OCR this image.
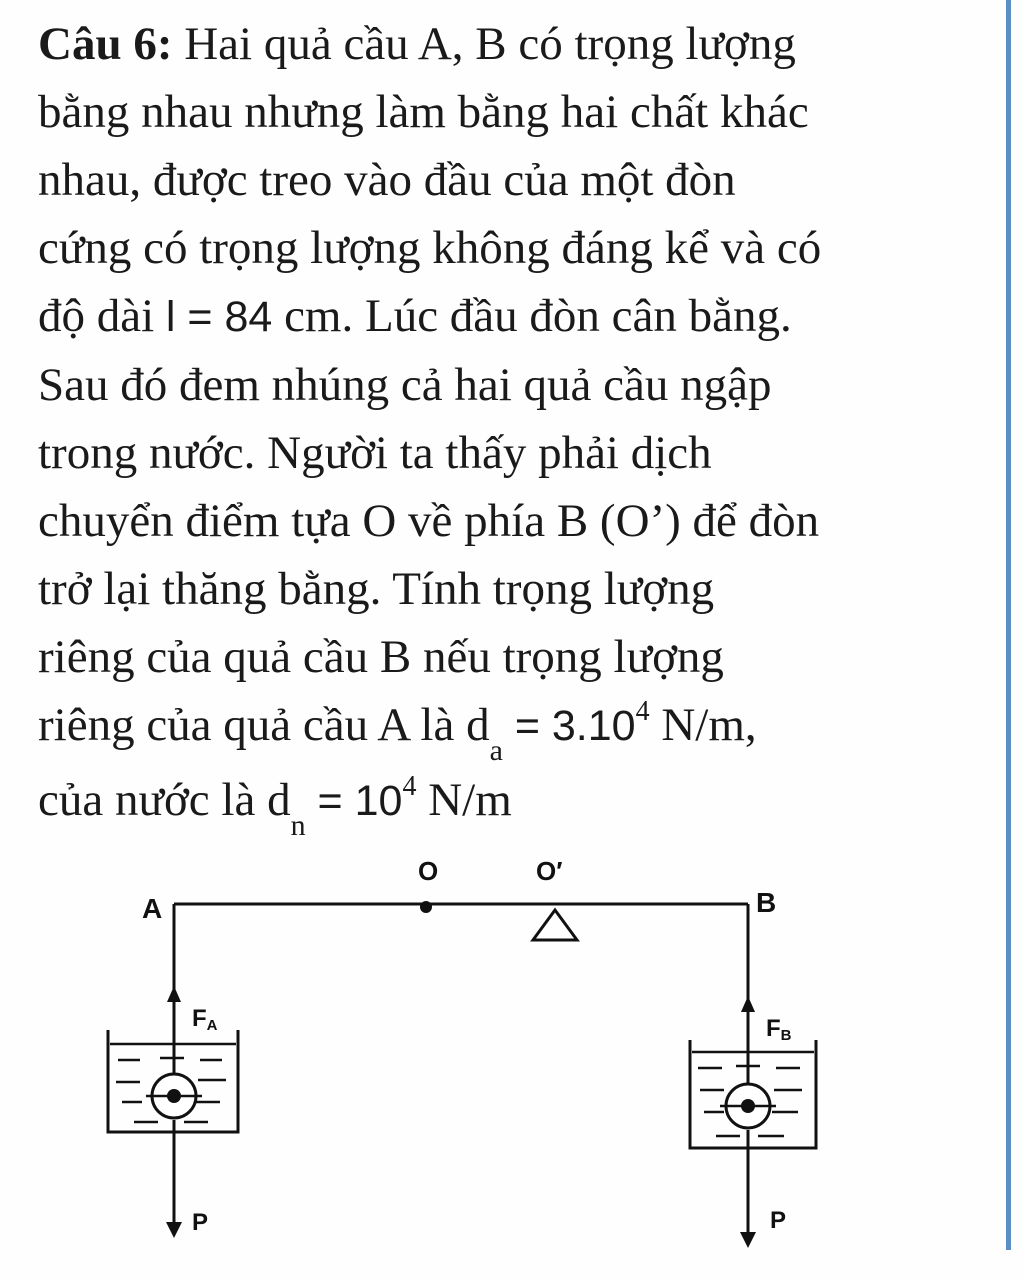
Câu 6: Hai quả cầu A, B có trọng lượng
bằng nhau nhưng làm bằng hai chất khác
nhau, được treo vào đầu của một đòn
cứng có trọng lượng không đáng kể và có
độ dài l = 84 cm. Lúc đầu đòn cân bằng.
Sau đó đem nhúng cả hai quả cầu ngập
trong nước. Người ta thấy phải dịch
chuyển điểm tựa O về phía B (O’) để đòn
trở lại thăng bằng. Tính trọng lượng
riêng của quả cầu B nếu trọng lượng
riêng của quả cầu A là $d_a = 3.10^4$ N/m,
của nước là $d_n = 10^4$ N/m
O	O′
A	B
FA
P
FB
P
